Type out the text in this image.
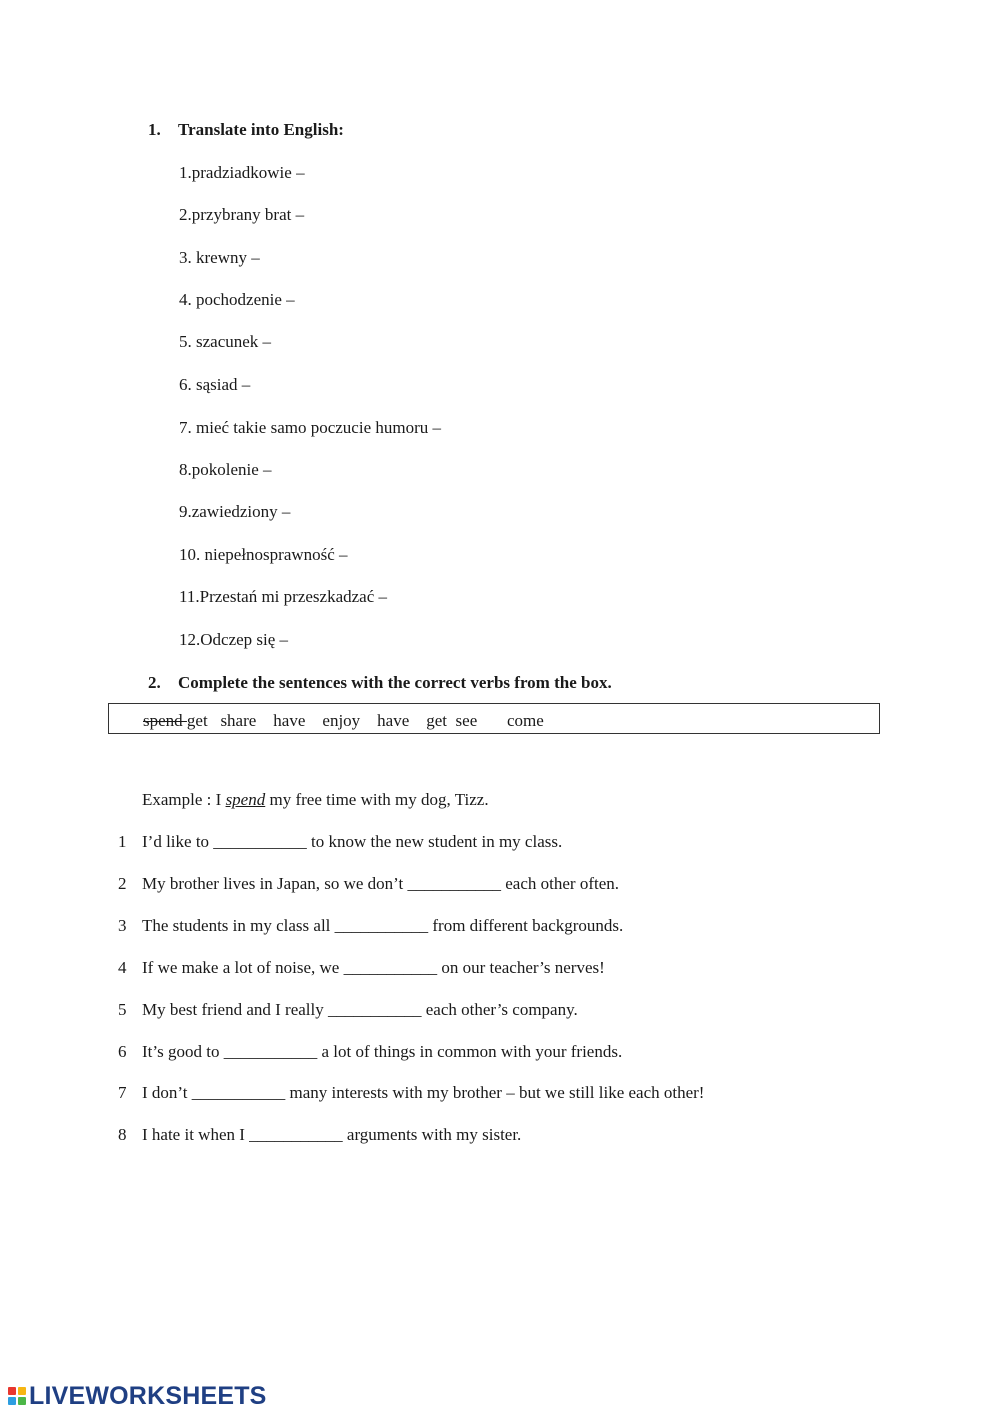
1. Translate into English:
1.pradziadkowie –
2.przybrany brat –
3. krewny –
4. pochodzenie –
5. szacunek –
6. sąsiad –
7. mieć takie samo poczucie humoru –
8.pokolenie –
9.zawiedziony –
10. niepełnosprawność –
11.Przestań mi przeszkadzać –
12.Odczep się –
2. Complete the sentences with the correct verbs from the box.
spend get   share    have    enjoy    have    get  see       come
Example : I spend my free time with my dog, Tizz.
1 I’d like to ___________ to know the new student in my class.
2 My brother lives in Japan, so we don’t ___________ each other often.
3 The students in my class all ___________ from different backgrounds.
4 If we make a lot of noise, we ___________ on our teacher’s nerves!
5 My best friend and I really ___________ each other’s company.
6 It’s good to ___________ a lot of things in common with your friends.
7 I don’t ___________ many interests with my brother – but we still like each other!
8 I hate it when I ___________ arguments with my sister.
LIVEWORKSHEETS
